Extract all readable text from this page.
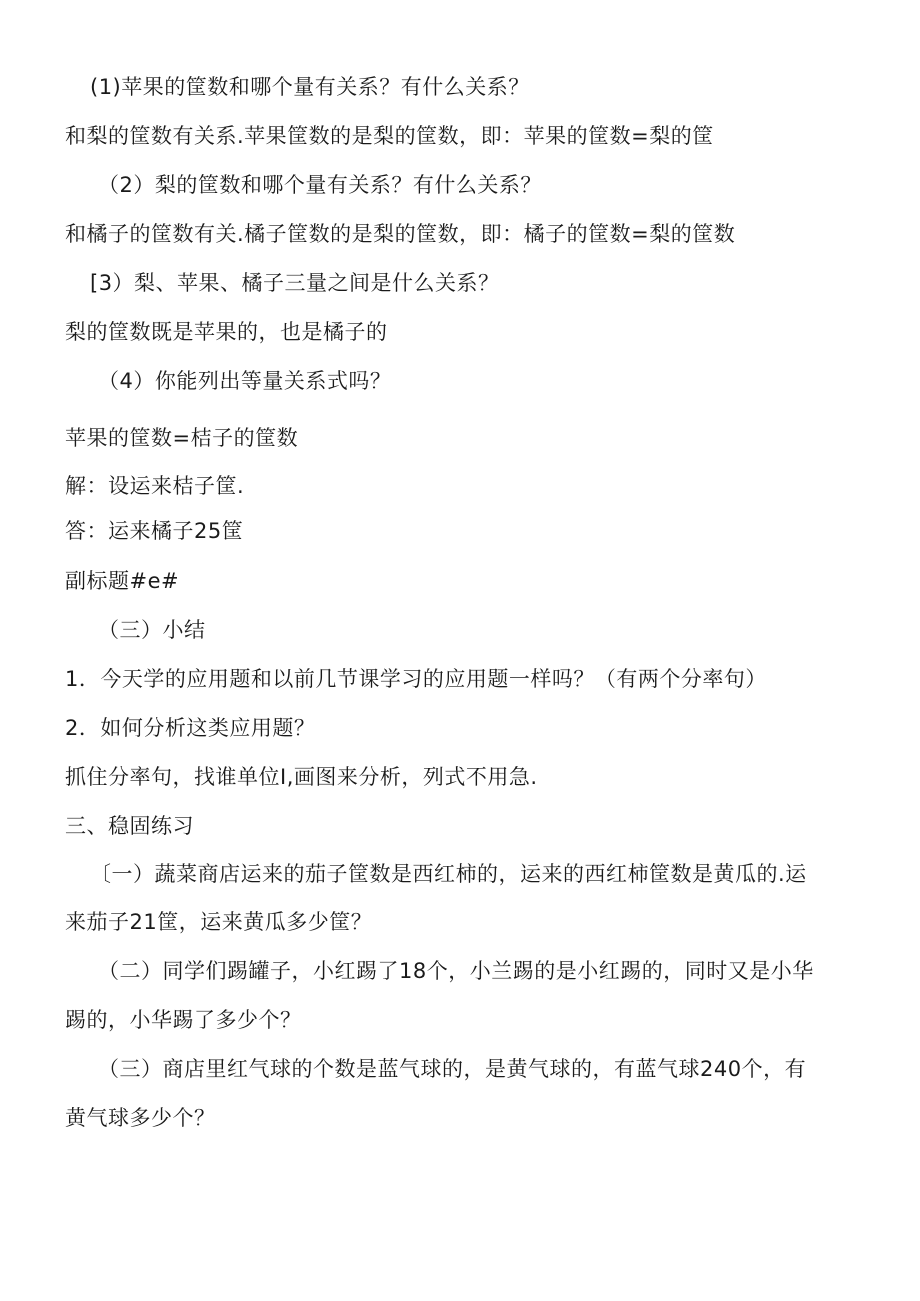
(1)苹果的筐数和哪个量有关系？有什么关系？
和梨的筐数有关系.苹果筐数的是梨的筐数，即：苹果的筐数=梨的筐
（2）梨的筐数和哪个量有关系？有什么关系？
和橘子的筐数有关.橘子筐数的是梨的筐数，即：橘子的筐数=梨的筐数
[3）梨、苹果、橘子三量之间是什么关系？
梨的筐数既是苹果的，也是橘子的
（4）你能列出等量关系式吗？
苹果的筐数=桔子的筐数
解：设运来桔子筐.
答：运来橘子25筐
副标题#e#
（三）小结
1．今天学的应用题和以前几节课学习的应用题一样吗？（有两个分率句）
2．如何分析这类应用题？
抓住分率句，找谁单位I,画图来分析，列式不用急.
三、稳固练习
〔一）蔬菜商店运来的茄子筐数是西红柿的，运来的西红柿筐数是黄瓜的.运
来茄子21筐，运来黄瓜多少筐？
（二）同学们踢罐子，小红踢了18个，小兰踢的是小红踢的，同时又是小华
踢的，小华踢了多少个？
（三）商店里红气球的个数是蓝气球的，是黄气球的，有蓝气球240个，有
黄气球多少个？
